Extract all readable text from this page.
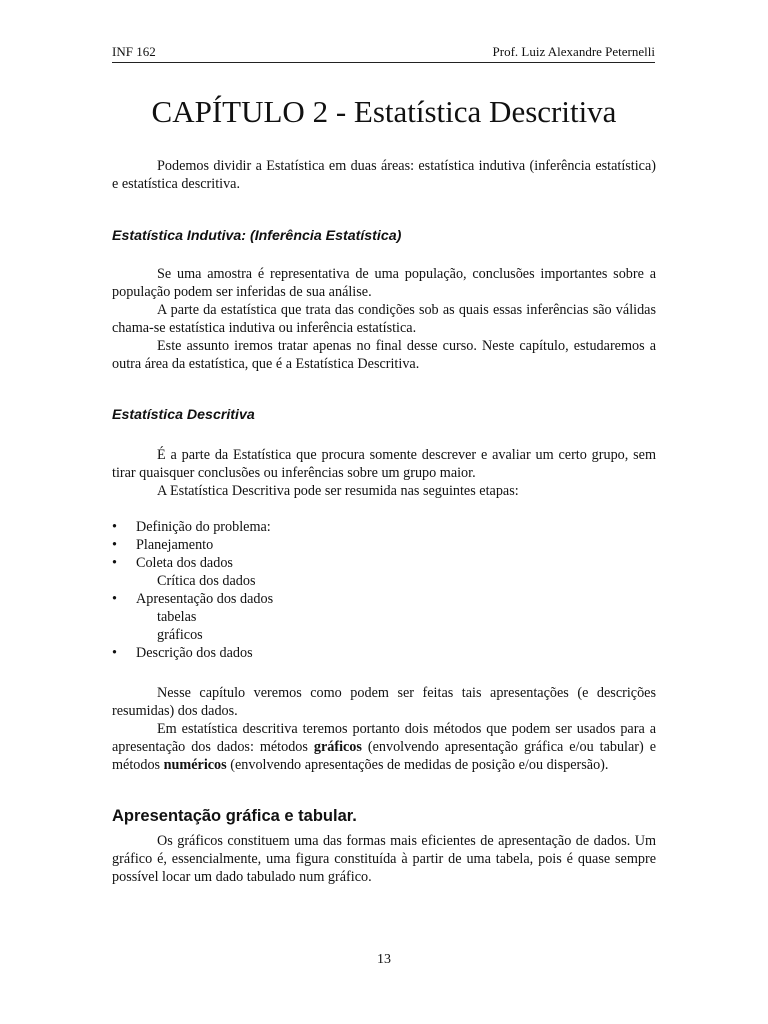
INF 162	Prof. Luiz Alexandre Peternelli
CAPÍTULO 2 - Estatística Descritiva

Podemos dividir a Estatística em duas áreas: estatística indutiva (inferência estatística) e estatística descritiva.

Estatística Indutiva: (Inferência Estatística)

Se uma amostra é representativa de uma população, conclusões importantes sobre a população podem ser inferidas de sua análise.

A parte da estatística que trata das condições sob as quais essas inferências são válidas chama-se estatística indutiva ou inferência estatística.

Este assunto iremos tratar apenas no final desse curso. Neste capítulo, estudaremos a outra área da estatística, que é a Estatística Descritiva.

Estatística Descritiva

É a parte da Estatística que procura somente descrever e avaliar um certo grupo, sem tirar quaisquer conclusões ou inferências sobre um grupo maior.

A Estatística Descritiva pode ser resumida nas seguintes etapas:

• Definição do problema:
• Planejamento
• Coleta dos dados
Crítica dos dados
• Apresentação dos dados
tabelas
gráficos
• Descrição dos dados

Nesse capítulo veremos como podem ser feitas tais apresentações (e descrições resumidas) dos dados.

Em estatística descritiva teremos portanto dois métodos que podem ser usados para a apresentação dos dados: métodos gráficos (envolvendo apresentação gráfica e/ou tabular) e métodos numéricos (envolvendo apresentações de medidas de posição e/ou dispersão).

Apresentação gráfica e tabular.

Os gráficos constituem uma das formas mais eficientes de apresentação de dados. Um gráfico é, essencialmente, uma figura constituída à partir de uma tabela, pois é quase sempre possível locar um dado tabulado num gráfico.

13
